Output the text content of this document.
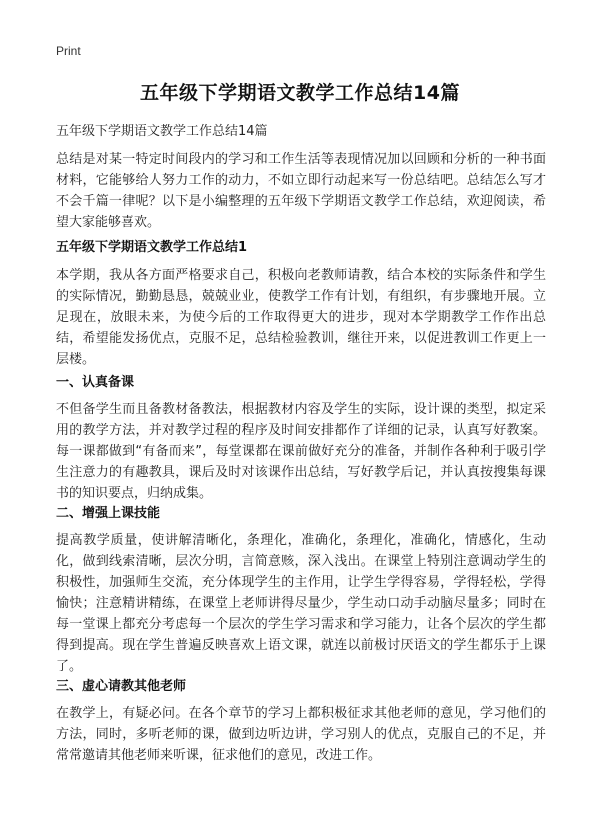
Print
五年级下学期语文教学工作总结14篇
五年级下学期语文教学工作总结14篇

总结是对某一特定时间段内的学习和工作生活等表现情况加以回顾和分析的一种书面材料，它能够给人努力工作的动力，不如立即行动起来写一份总结吧。总结怎么写才不会千篇一律呢？以下是小编整理的五年级下学期语文教学工作总结，欢迎阅读，希望大家能够喜欢。

五年级下学期语文教学工作总结1

本学期，我从各方面严格要求自己，积极向老教师请教，结合本校的实际条件和学生的实际情况，勤勤恳恳，兢兢业业，使教学工作有计划，有组织，有步骤地开展。立足现在，放眼未来，为使今后的工作取得更大的进步，现对本学期教学工作作出总结，希望能发扬优点，克服不足，总结检验教训，继往开来，以促进教训工作更上一层楼。

一、认真备课

不但备学生而且备教材备教法，根据教材内容及学生的实际，设计课的类型，拟定采用的教学方法，并对教学过程的程序及时间安排都作了详细的记录，认真写好教案。每一课都做到“有备而来”，每堂课都在课前做好充分的准备，并制作各种利于吸引学生注意力的有趣教具，课后及时对该课作出总结，写好教学后记，并认真按搜集每课书的知识要点，归纳成集。

二、增强上课技能

提高教学质量，使讲解清晰化，条理化，准确化，条理化，准确化，情感化，生动化，做到线索清晰，层次分明，言简意赅，深入浅出。在课堂上特别注意调动学生的积极性，加强师生交流，充分体现学生的主作用，让学生学得容易，学得轻松，学得愉快；注意精讲精练，在课堂上老师讲得尽量少，学生动口动手动脑尽量多；同时在每一堂课上都充分考虑每一个层次的学生学习需求和学习能力，让各个层次的学生都得到提高。现在学生普遍反映喜欢上语文课，就连以前极讨厌语文的学生都乐于上课了。

三、虚心请教其他老师

在教学上，有疑必问。在各个章节的学习上都积极征求其他老师的意见，学习他们的方法，同时，多听老师的课，做到边听边讲，学习别人的优点，克服自己的不足，并常常邀请其他老师来听课，征求他们的意见，改进工作。
